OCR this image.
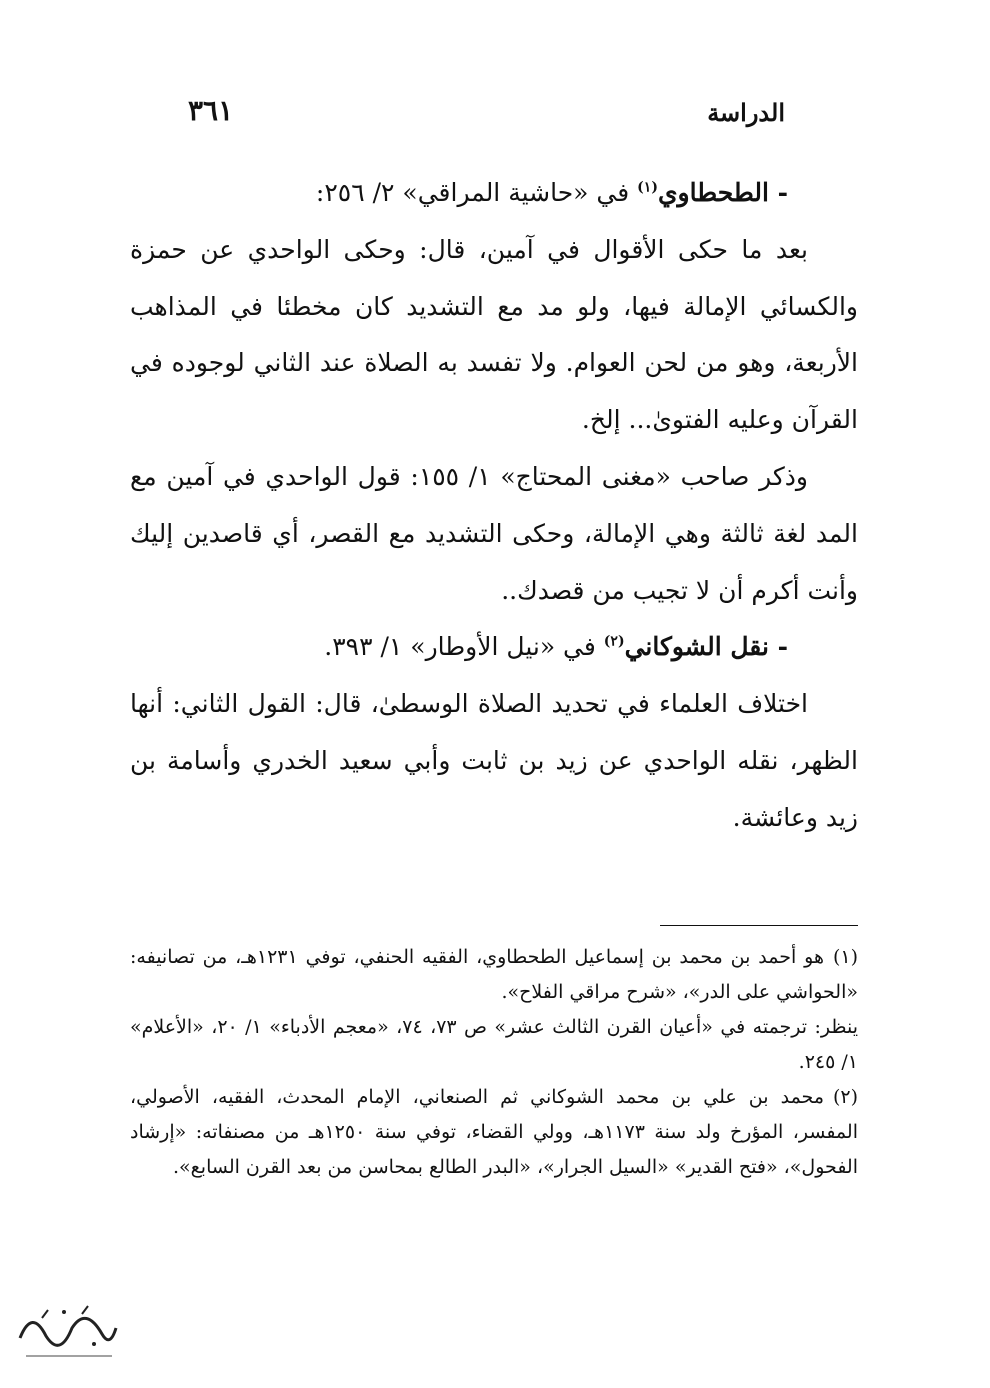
الدراسة
٣٦١

- الطحطاوي$^{(١)}$ في «حاشية المراقي» ٢/ ٢٥٦:

بعد ما حكى الأقوال في آمين، قال: وحكى الواحدي عن حمزة والكسائي الإمالة فيها، ولو مد مع التشديد كان مخطئا في المذاهب الأربعة، وهو من لحن العوام. ولا تفسد به الصلاة عند الثاني لوجوده في القرآن وعليه الفتوىٰ... إلخ.

وذكر صاحب «مغنى المحتاج» ١/ ١٥٥: قول الواحدي في آمين مع المد لغة ثالثة وهي الإمالة، وحكى التشديد مع القصر، أي قاصدين إليك وأنت أكرم أن لا تجيب من قصدك..

- نقل الشوكاني$^{(٢)}$ في «نيل الأوطار» ١/ ٣٩٣.

اختلاف العلماء في تحديد الصلاة الوسطىٰ، قال: القول الثاني: أنها الظهر، نقله الواحدي عن زيد بن ثابت وأبي سعيد الخدري وأسامة بن زيد وعائشة.

(١)هو أحمد بن محمد بن إسماعيل الطحطاوي، الفقيه الحنفي، توفي ١٢٣١هـ، من تصانيفه: «الحواشي على الدر»، «شرح مراقي الفلاح».

ينظر: ترجمته في «أعيان القرن الثالث عشر» ص ٧٣، ٧٤، «معجم الأدباء» ١/ ٢٠، «الأعلام» ١/ ٢٤٥.

(٢)محمد بن علي بن محمد الشوكاني ثم الصنعاني، الإمام المحدث، الفقيه، الأصولي، المفسر، المؤرخ ولد سنة ١١٧٣هـ، وولي القضاء، توفي سنة ١٢٥٠هـ من مصنفاته: «إرشاد الفحول»، «فتح القدير» «السيل الجرار»، «البدر الطالع بمحاسن من بعد القرن السابع».
